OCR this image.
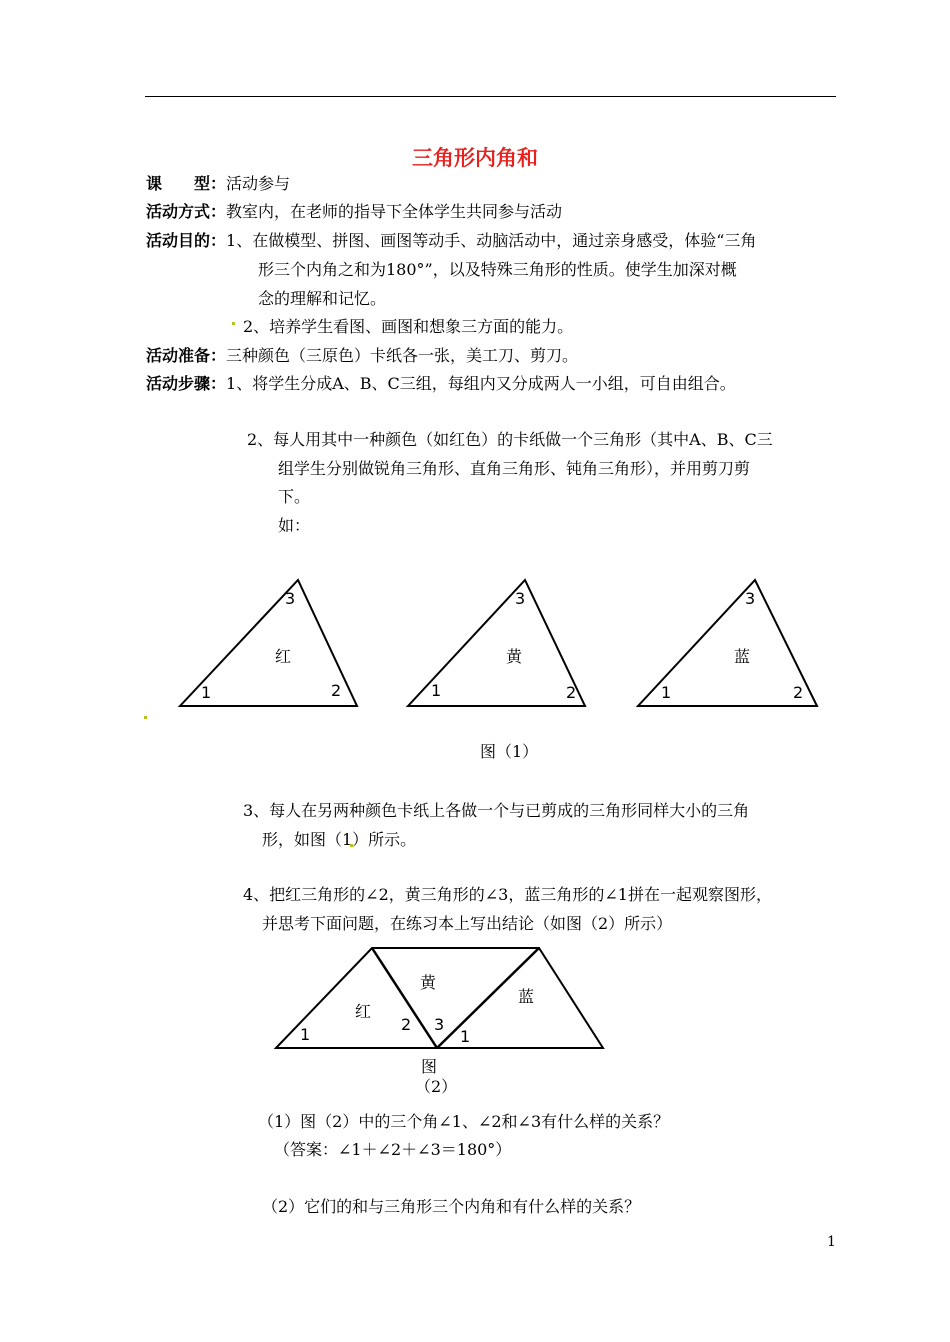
三角形内角和
课　　型：活动参与
活动方式：教室内，在老师的指导下全体学生共同参与活动
活动目的：1、在做模型、拼图、画图等动手、动脑活动中，通过亲身感受，体验“三角
形三个内角之和为180°”，以及特殊三角形的性质。使学生加深对概
念的理解和记忆。
2、培养学生看图、画图和想象三方面的能力。
活动准备：三种颜色（三原色）卡纸各一张，美工刀、剪刀。
活动步骤：1、将学生分成A、B、C三组，每组内又分成两人一小组，可自由组合。
2、每人用其中一种颜色（如红色）的卡纸做一个三角形（其中A、B、C三
组学生分别做锐角三角形、直角三角形、钝角三角形），并用剪刀剪
下。
如：
3
红
1	2
3
黄
1	2
3
蓝
1	2
图（1）
3、每人在另两种颜色卡纸上各做一个与已剪成的三角形同样大小的三角
形，如图（1）所示。
4、把红三角形的∠2，黄三角形的∠3，蓝三角形的∠1拼在一起观察图形，
并思考下面问题，在练习本上写出结论（如图（2）所示）
黄
蓝
红
2 3
1	1
图
（2）
（1）图（2）中的三个角∠1、∠2和∠3有什么样的关系？
（答案：∠1＋∠2＋∠3＝180°）
（2）它们的和与三角形三个内角和有什么样的关系？
1
